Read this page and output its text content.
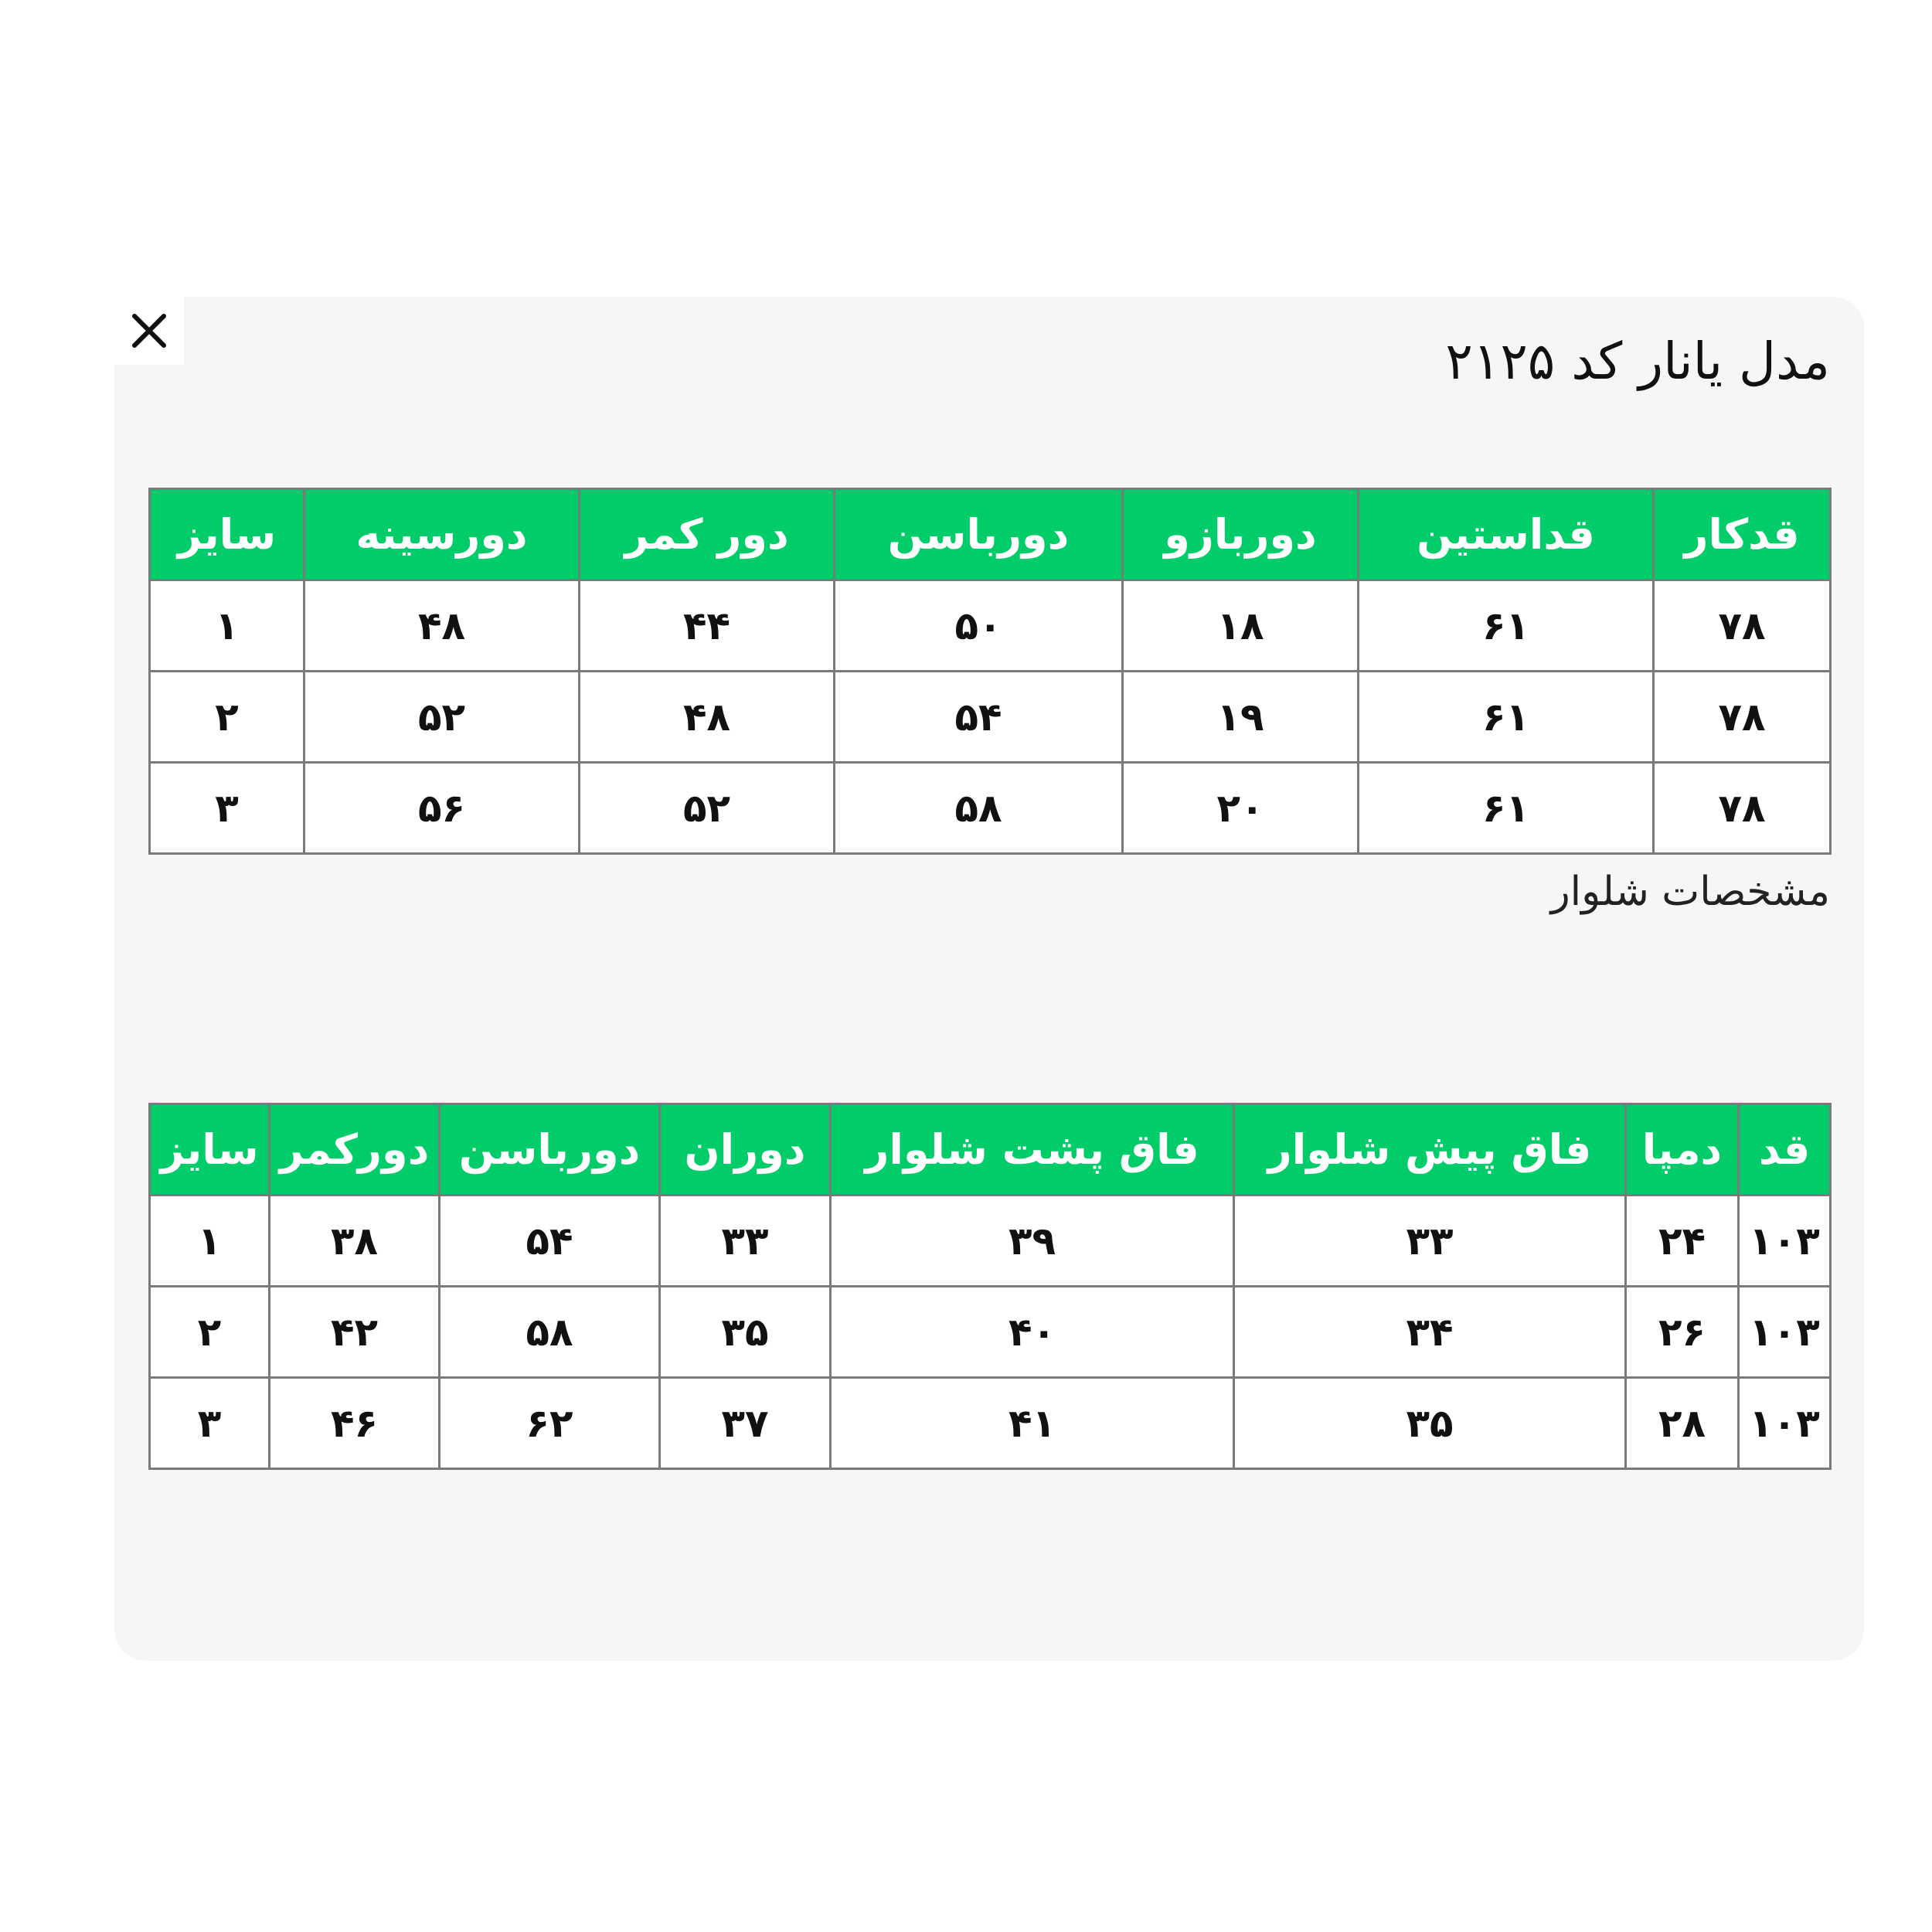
مدل یانار کد ۲۱۲۵
قدکار	قداستین	دوربازو	دورباسن	دور کمر	دورسینه	سایز
۷۸	۶۱	۱۸	۵۰	۴۴	۴۸	۱
۷۸	۶۱	۱۹	۵۴	۴۸	۵۲	۲
۷۸	۶۱	۲۰	۵۸	۵۲	۵۶	۳

مشخصات شلوار

قد	دمپا	فاق پیش شلوار	فاق پشت شلوار	دوران	دورباسن	دورکمر	سایز
۱۰۳	۲۴	۳۳	۳۹	۳۳	۵۴	۳۸	۱
۱۰۳	۲۶	۳۴	۴۰	۳۵	۵۸	۴۲	۲
۱۰۳	۲۸	۳۵	۴۱	۳۷	۶۲	۴۶	۳
